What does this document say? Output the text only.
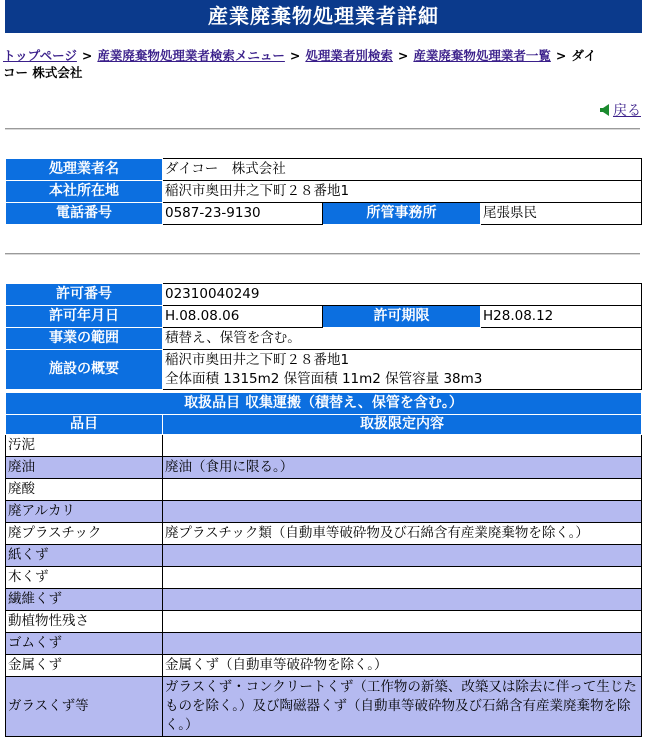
産業廃棄物処理業者詳細
トップページ > 産業廃棄物処理業者検索メニュー > 処理業者別検索 > 産業廃棄物処理業者一覧 > ダイ
コー 株式会社
戻る
処理業者名	ダイコー　株式会社		
本社所在地	稲沢市奥田井之下町２８番地1		
電話番号	0587-23-9130	所管事務所	尾張県民
許可番号	02310040249		
許可年月日	H.08.08.06	許可期限	H28.08.12
事業の範囲	積替え、保管を含む。		
施設の概要	稲沢市奥田井之下町２８番地1
全体面積 1315m2 保管面積 11m2 保管容量 38m3		
取扱品目 収集運搬（積替え、保管を含む。）	
品目	取扱限定内容
汚泥	
廃油	廃油（食用に限る。）
廃酸	
廃アルカリ	
廃プラスチック	廃プラスチック類（自動車等破砕物及び石綿含有産業廃棄物を除く。）
紙くず	
木くず	
繊維くず	
動植物性残さ	
ゴムくず	
金属くず	金属くず（自動車等破砕物を除く。）
ガラスくず等	ガラスくず・コンクリートくず（工作物の新築、改築又は除去に伴って生じたものを除く。）及び陶磁器くず（自動車等破砕物及び石綿含有産業廃棄物を除く。）
